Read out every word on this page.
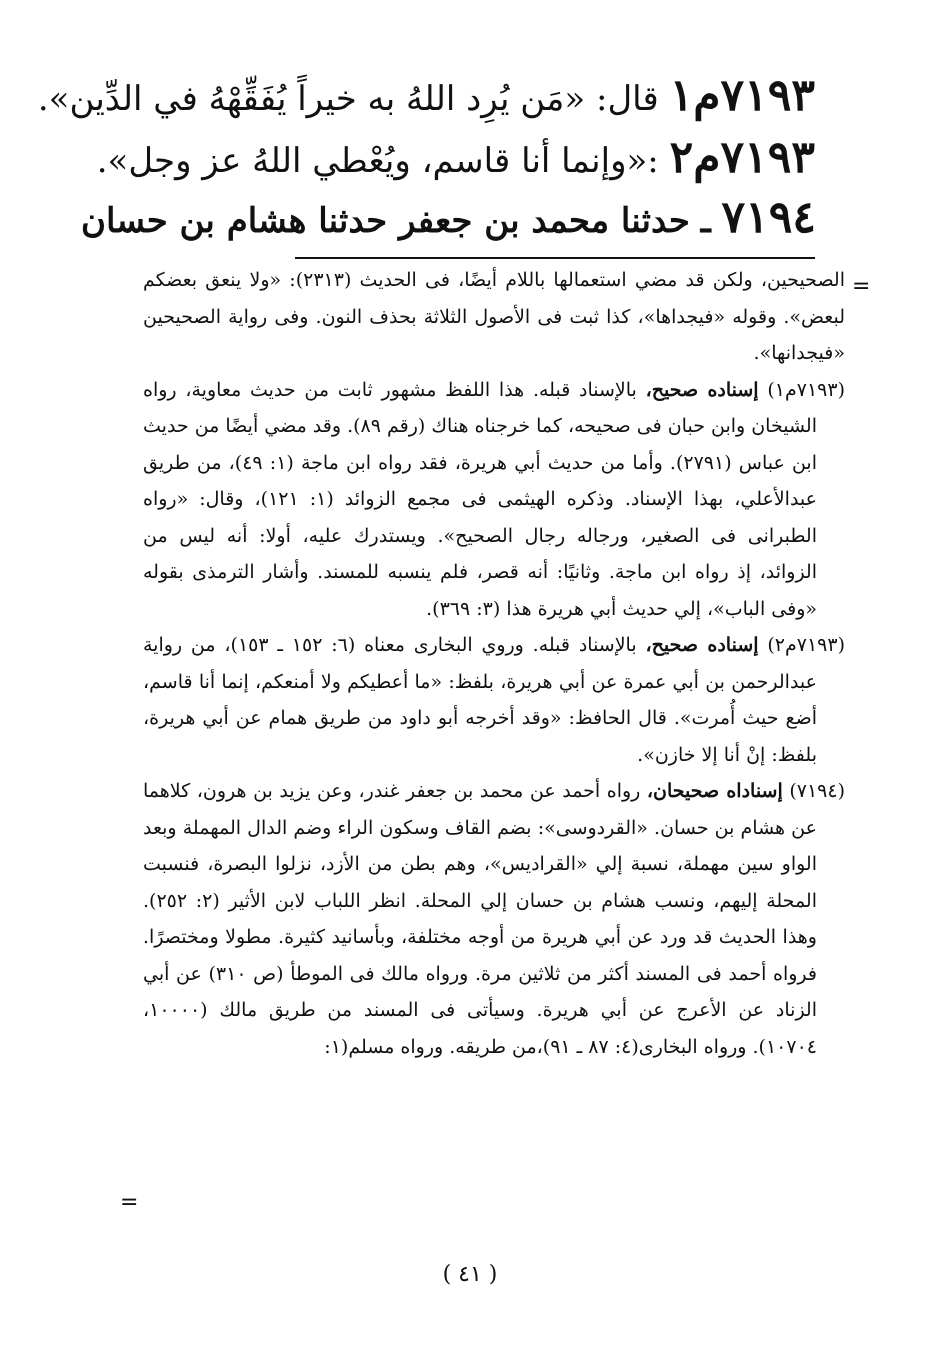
٧١٩٣م١ قال: «مَن يُرِد اللهُ به خيراً يُفَقِّهْهُ في الدِّين».
٧١٩٣م٢ :«وإنما أنا قاسم، ويُعْطي اللهُ عز وجل».
٧١٩٤ ـ حدثنا محمد بن جعفر حدثنا هشام بن حسان
=

الصحيحين، ولكن قد مضي استعمالها باللام أيضًا، فى الحديث (٢٣١٣): «ولا ينعق بعضكم لبعض». وقوله «فيجداها»، كذا ثبت فى الأصول الثلاثة بحذف النون. وفى رواية الصحيحين «فيجدانها».

(٧١٩٣م١) إسناده صحيح، بالإسناد قبله. هذا اللفظ مشهور ثابت من حديث معاوية، رواه الشيخان وابن حبان فى صحيحه، كما خرجناه هناك (رقم ٨٩). وقد مضي أيضًا من حديث ابن عباس (٢٧٩١). وأما من حديث أبي هريرة، فقد رواه ابن ماجة (١: ٤٩)، من طريق عبدالأعلي، بهذا الإسناد. وذكره الهيثمى فى مجمع الزوائد (١: ١٢١)، وقال: «رواه الطبرانى فى الصغير، ورجاله رجال الصحيح». ويستدرك عليه، أولا: أنه ليس من الزوائد، إذ رواه ابن ماجة. وثانيًا: أنه قصر، فلم ينسبه للمسند. وأشار الترمذى بقوله «وفى الباب»، إلي حديث أبي هريرة هذا (٣: ٣٦٩).

(٧١٩٣م٢) إسناده صحيح، بالإسناد قبله. وروي البخارى معناه (٦: ١٥٢ ـ ١٥٣)، من رواية عبدالرحمن بن أبي عمرة عن أبي هريرة، بلفظ: «ما أعطيكم ولا أمنعكم، إنما أنا قاسم، أضع حيث أُمرت». قال الحافظ: «وقد أخرجه أبو داود من طريق همام عن أبي هريرة، بلفظ: إنْ أنا إلا خازن».

(٧١٩٤) إسناداه صحيحان، رواه أحمد عن محمد بن جعفر غندر، وعن يزيد بن هرون، كلاهما عن هشام بن حسان. «القردوسى»: بضم القاف وسكون الراء وضم الدال المهملة وبعد الواو سين مهملة، نسبة إلي «القراديس»، وهم بطن من الأزد، نزلوا البصرة، فنسبت المحلة إليهم، ونسب هشام بن حسان إلي المحلة. انظر اللباب لابن الأثير (٢: ٢٥٢). وهذا الحديث قد ورد عن أبي هريرة من أوجه مختلفة، وبأسانيد كثيرة. مطولا ومختصرًا. فرواه أحمد فى المسند أكثر من ثلاثين مرة. ورواه مالك فى الموطأ (ص ٣١٠) عن أبي الزناد عن الأعرج عن أبي هريرة. وسيأتى فى المسند من طريق مالك (١٠٠٠٠، ١٠٧٠٤). ورواه البخارى(٤: ٨٧ ـ ٩١)،من طريقه. ورواه مسلم(١:

=
( ٤١ )
